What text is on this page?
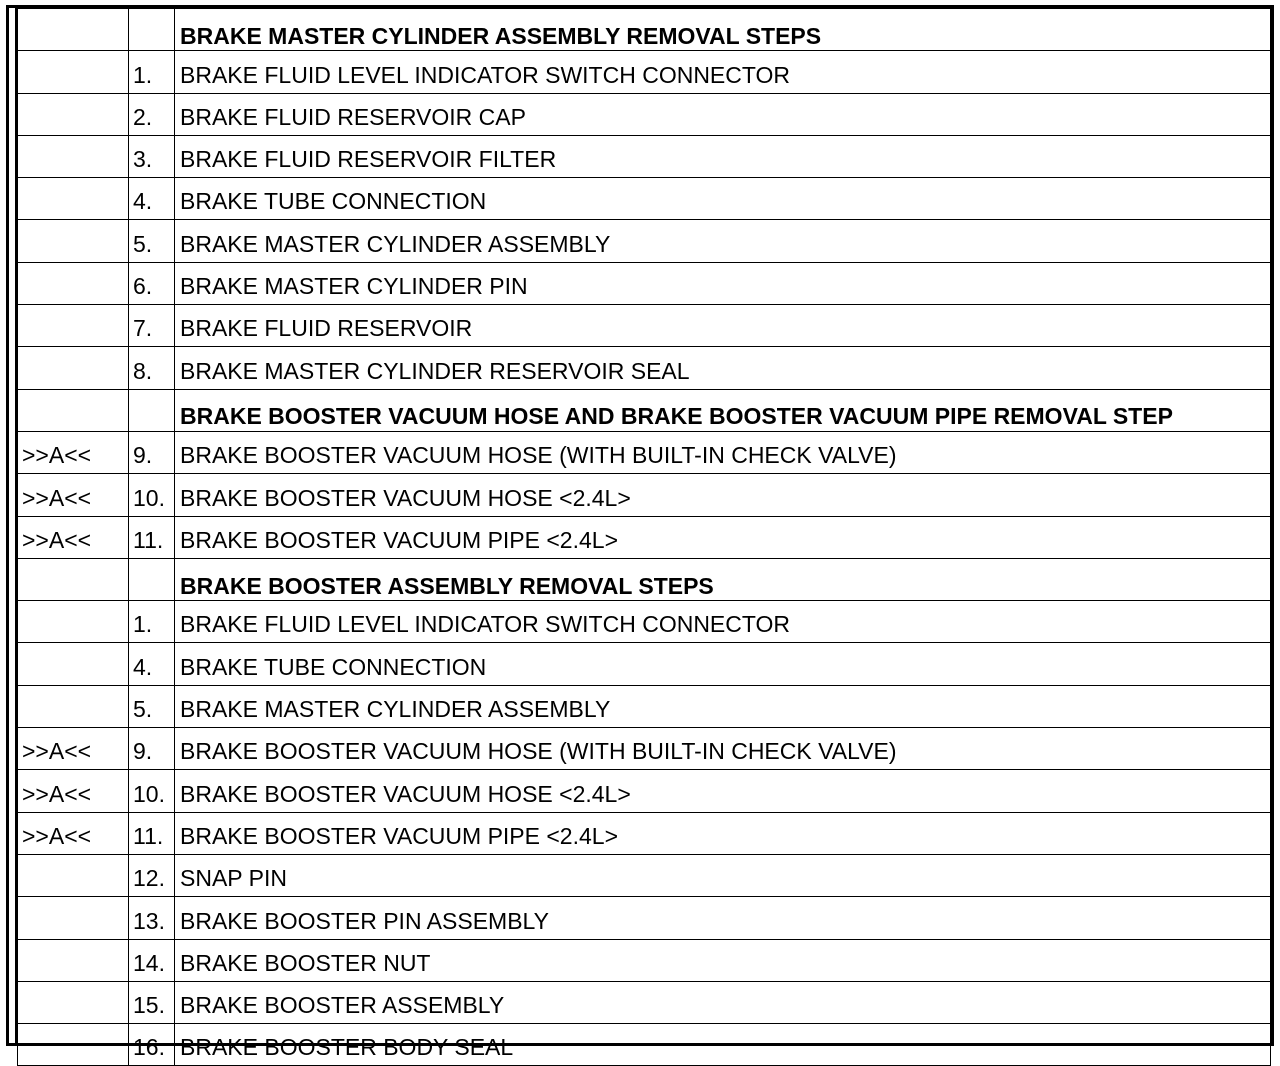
		BRAKE MASTER CYLINDER ASSEMBLY REMOVAL STEPS
	1.	BRAKE FLUID LEVEL INDICATOR SWITCH CONNECTOR
	2.	BRAKE FLUID RESERVOIR CAP
	3.	BRAKE FLUID RESERVOIR FILTER
	4.	BRAKE TUBE CONNECTION
	5.	BRAKE MASTER CYLINDER ASSEMBLY
	6.	BRAKE MASTER CYLINDER PIN
	7.	BRAKE FLUID RESERVOIR
	8.	BRAKE MASTER CYLINDER RESERVOIR SEAL
		BRAKE BOOSTER VACUUM HOSE AND BRAKE BOOSTER VACUUM PIPE REMOVAL STEP
>>A<<	9.	BRAKE BOOSTER VACUUM HOSE (WITH BUILT-IN CHECK VALVE)
>>A<<	10.	BRAKE BOOSTER VACUUM HOSE <2.4L>
>>A<<	11.	BRAKE BOOSTER VACUUM PIPE <2.4L>
		BRAKE BOOSTER ASSEMBLY REMOVAL STEPS
	1.	BRAKE FLUID LEVEL INDICATOR SWITCH CONNECTOR
	4.	BRAKE TUBE CONNECTION
	5.	BRAKE MASTER CYLINDER ASSEMBLY
>>A<<	9.	BRAKE BOOSTER VACUUM HOSE (WITH BUILT-IN CHECK VALVE)
>>A<<	10.	BRAKE BOOSTER VACUUM HOSE <2.4L>
>>A<<	11.	BRAKE BOOSTER VACUUM PIPE <2.4L>
	12.	SNAP PIN
	13.	BRAKE BOOSTER PIN ASSEMBLY
	14.	BRAKE BOOSTER NUT
	15.	BRAKE BOOSTER ASSEMBLY
	16.	BRAKE BOOSTER BODY SEAL
